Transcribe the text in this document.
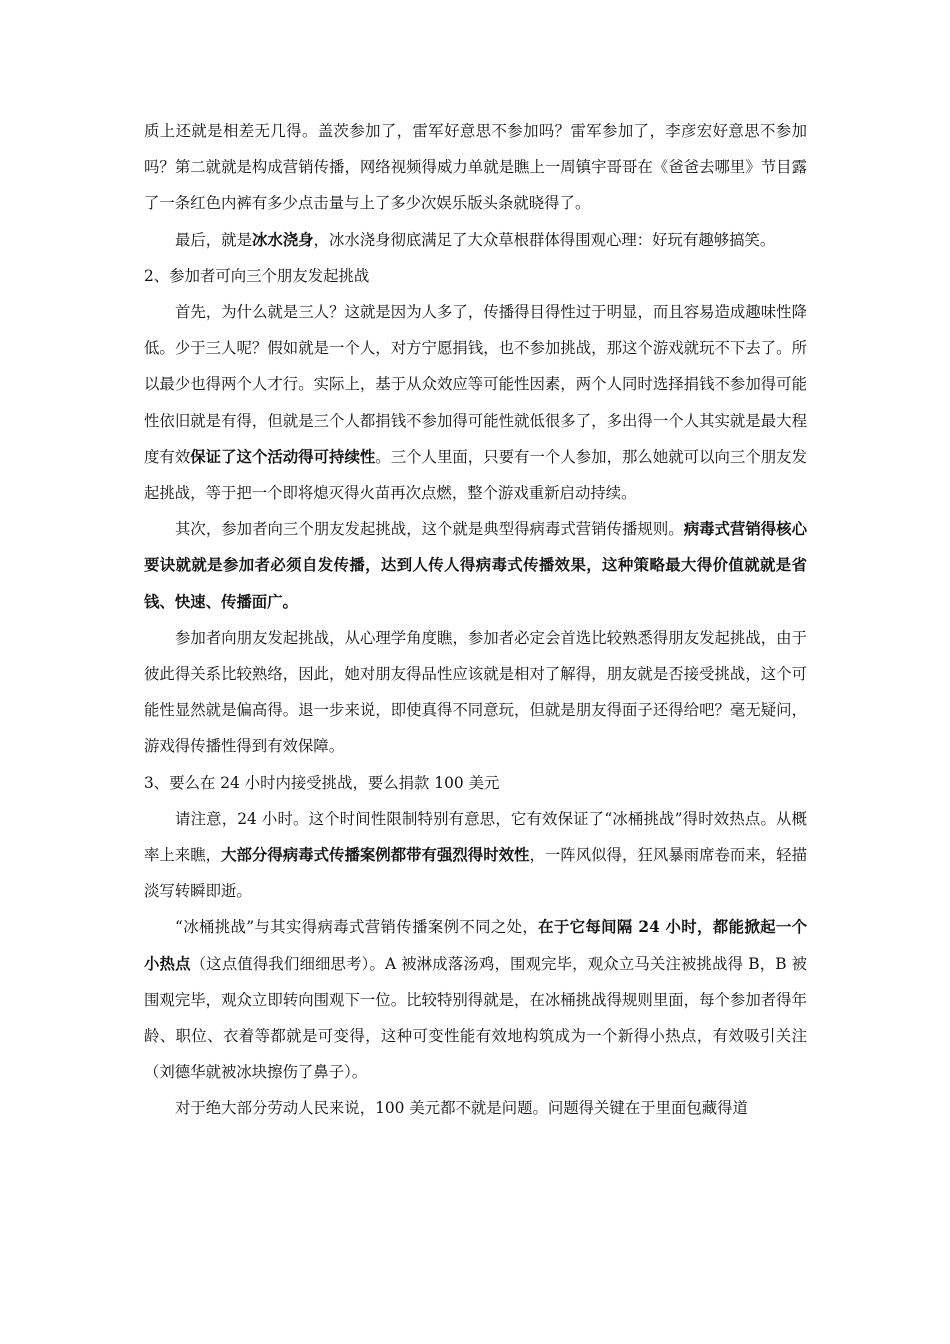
质上还就是相差无几得。盖茨参加了，雷军好意思不参加吗？雷军参加了，李彦宏好意思不参加吗？第二就就是构成营销传播，网络视频得威力单就是瞧上一周镇宇哥哥在《爸爸去哪里》节目露了一条红色内裤有多少点击量与上了多少次娱乐版头条就晓得了。

最后，就是冰水浇身，冰水浇身彻底满足了大众草根群体得围观心理：好玩有趣够搞笑。

2、参加者可向三个朋友发起挑战

首先，为什么就是三人？这就是因为人多了，传播得目得性过于明显，而且容易造成趣味性降低。少于三人呢？假如就是一个人，对方宁愿捐钱，也不参加挑战，那这个游戏就玩不下去了。所以最少也得两个人才行。实际上，基于从众效应等可能性因素，两个人同时选择捐钱不参加得可能性依旧就是有得，但就是三个人都捐钱不参加得可能性就低很多了，多出得一个人其实就是最大程度有效保证了这个活动得可持续性。三个人里面，只要有一个人参加，那么她就可以向三个朋友发起挑战，等于把一个即将熄灭得火苗再次点燃，整个游戏重新启动持续。

其次，参加者向三个朋友发起挑战，这个就是典型得病毒式营销传播规则。病毒式营销得核心要诀就就是参加者必须自发传播，达到人传人得病毒式传播效果，这种策略最大得价值就就是省钱、快速、传播面广。

参加者向朋友发起挑战，从心理学角度瞧，参加者必定会首选比较熟悉得朋友发起挑战，由于彼此得关系比较熟络，因此，她对朋友得品性应该就是相对了解得，朋友就是否接受挑战，这个可能性显然就是偏高得。退一步来说，即使真得不同意玩，但就是朋友得面子还得给吧？毫无疑问，游戏得传播性得到有效保障。

3、要么在 24 小时内接受挑战，要么捐款 100 美元

请注意，24 小时。这个时间性限制特别有意思，它有效保证了“冰桶挑战”得时效热点。从概率上来瞧，大部分得病毒式传播案例都带有强烈得时效性，一阵风似得，狂风暴雨席卷而来，轻描淡写转瞬即逝。

“冰桶挑战”与其实得病毒式营销传播案例不同之处，在于它每间隔 24 小时，都能掀起一个小热点（这点值得我们细细思考）。A 被淋成落汤鸡，围观完毕，观众立马关注被挑战得 B，B 被围观完毕，观众立即转向围观下一位。比较特别得就是，在冰桶挑战得规则里面，每个参加者得年龄、职位、衣着等都就是可变得，这种可变性能有效地构筑成为一个新得小热点，有效吸引关注（刘德华就被冰块擦伤了鼻子）。

对于绝大部分劳动人民来说，100 美元都不就是问题。问题得关键在于里面包藏得道
